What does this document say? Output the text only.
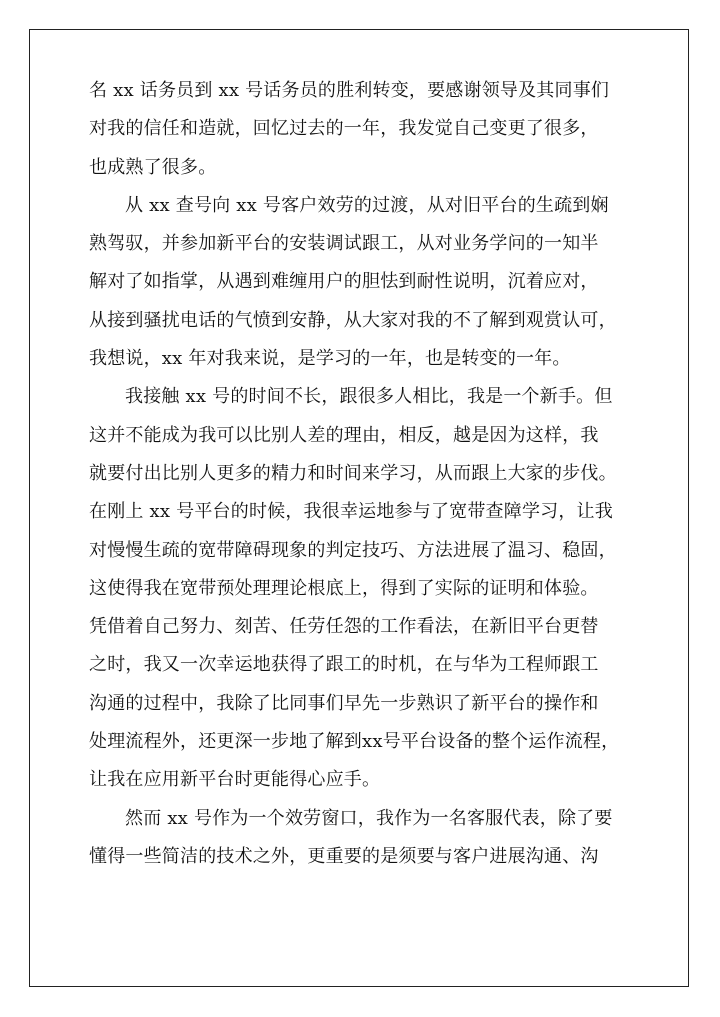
名 xx 话务员到 xx 号话务员的胜利转变，要感谢领导及其同事们
对我的信任和造就，回忆过去的一年，我发觉自己变更了很多，
也成熟了很多。
从 xx 查号向 xx 号客户效劳的过渡，从对旧平台的生疏到娴
熟驾驭，并参加新平台的安装调试跟工，从对业务学问的一知半
解对了如指掌，从遇到难缠用户的胆怯到耐性说明，沉着应对，
从接到骚扰电话的气愤到安静，从大家对我的不了解到观赏认可，
我想说，xx 年对我来说，是学习的一年，也是转变的一年。
我接触 xx 号的时间不长，跟很多人相比，我是一个新手。但
这并不能成为我可以比别人差的理由，相反，越是因为这样，我
就要付出比别人更多的精力和时间来学习，从而跟上大家的步伐。
在刚上 xx 号平台的时候，我很幸运地参与了宽带查障学习，让我
对慢慢生疏的宽带障碍现象的判定技巧、方法进展了温习、稳固，
这使得我在宽带预处理理论根底上，得到了实际的证明和体验。
凭借着自己努力、刻苦、任劳任怨的工作看法，在新旧平台更替
之时，我又一次幸运地获得了跟工的时机，在与华为工程师跟工
沟通的过程中，我除了比同事们早先一步熟识了新平台的操作和
处理流程外，还更深一步地了解到xx号平台设备的整个运作流程，
让我在应用新平台时更能得心应手。
然而 xx 号作为一个效劳窗口，我作为一名客服代表，除了要
懂得一些简洁的技术之外，更重要的是须要与客户进展沟通、沟
